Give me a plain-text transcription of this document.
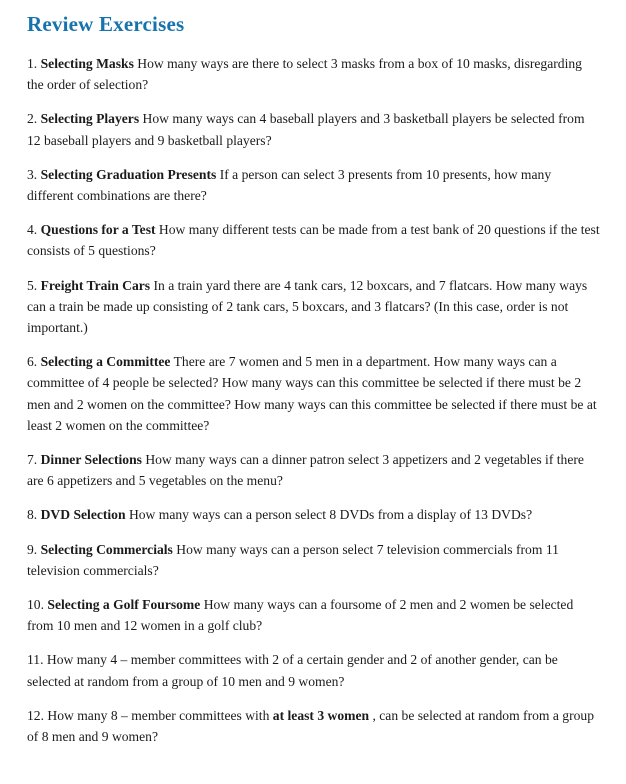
Review Exercises

1. Selecting Masks How many ways are there to select 3 masks from a box of 10 masks, disregarding the order of selection?

2. Selecting Players How many ways can 4 baseball players and 3 basketball players be selected from 12 baseball players and 9 basketball players?

3. Selecting Graduation Presents If a person can select 3 presents from 10 presents, how many different combinations are there?

4. Questions for a Test How many different tests can be made from a test bank of 20 questions if the test consists of 5 questions?

5. Freight Train Cars In a train yard there are 4 tank cars, 12 boxcars, and 7 flatcars. How many ways can a train be made up consisting of 2 tank cars, 5 boxcars, and 3 flatcars? (In this case, order is not important.)

6. Selecting a Committee There are 7 women and 5 men in a department. How many ways can a committee of 4 people be selected? How many ways can this committee be selected if there must be 2 men and 2 women on the committee? How many ways can this committee be selected if there must be at least 2 women on the committee?

7. Dinner Selections How many ways can a dinner patron select 3 appetizers and 2 vegetables if there are 6 appetizers and 5 vegetables on the menu?

8. DVD Selection How many ways can a person select 8 DVDs from a display of 13 DVDs?

9. Selecting Commercials How many ways can a person select 7 television commercials from 11 television commercials?

10. Selecting a Golf Foursome How many ways can a foursome of 2 men and 2 women be selected from 10 men and 12 women in a golf club?

11. How many 4 – member committees with 2 of a certain gender and 2 of another gender, can be selected at random from a group of 10 men and 9 women?

12. How many 8 – member committees with at least 3 women , can be selected at random from a group of 8 men and 9 women?
